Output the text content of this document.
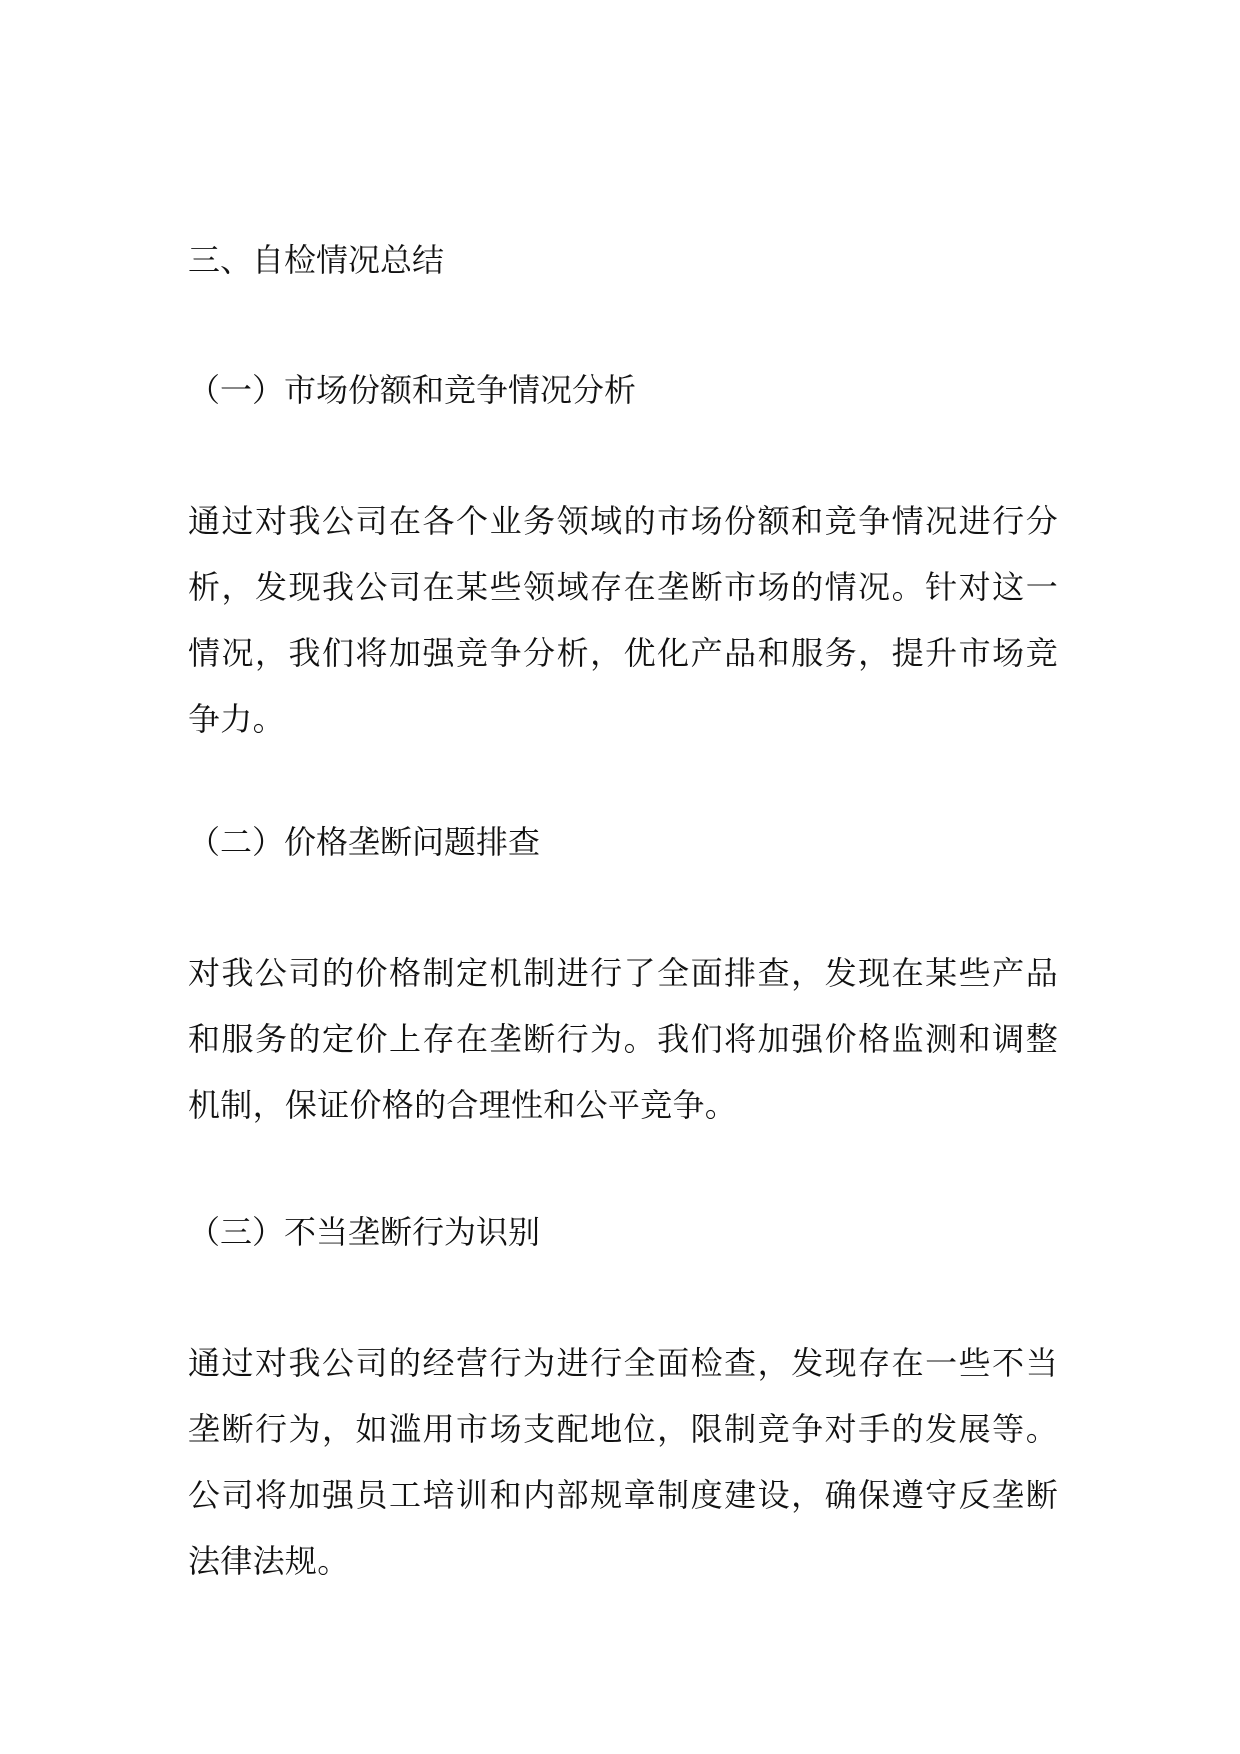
三、自检情况总结
（一）市场份额和竞争情况分析
通过对我公司在各个业务领域的市场份额和竞争情况进行分析，发现我公司在某些领域存在垄断市场的情况。针对这一情况，我们将加强竞争分析，优化产品和服务，提升市场竞争力。
（二）价格垄断问题排查
对我公司的价格制定机制进行了全面排查，发现在某些产品和服务的定价上存在垄断行为。我们将加强价格监测和调整机制，保证价格的合理性和公平竞争。
（三）不当垄断行为识别
通过对我公司的经营行为进行全面检查，发现存在一些不当垄断行为，如滥用市场支配地位，限制竞争对手的发展等。公司将加强员工培训和内部规章制度建设，确保遵守反垄断法律法规。
